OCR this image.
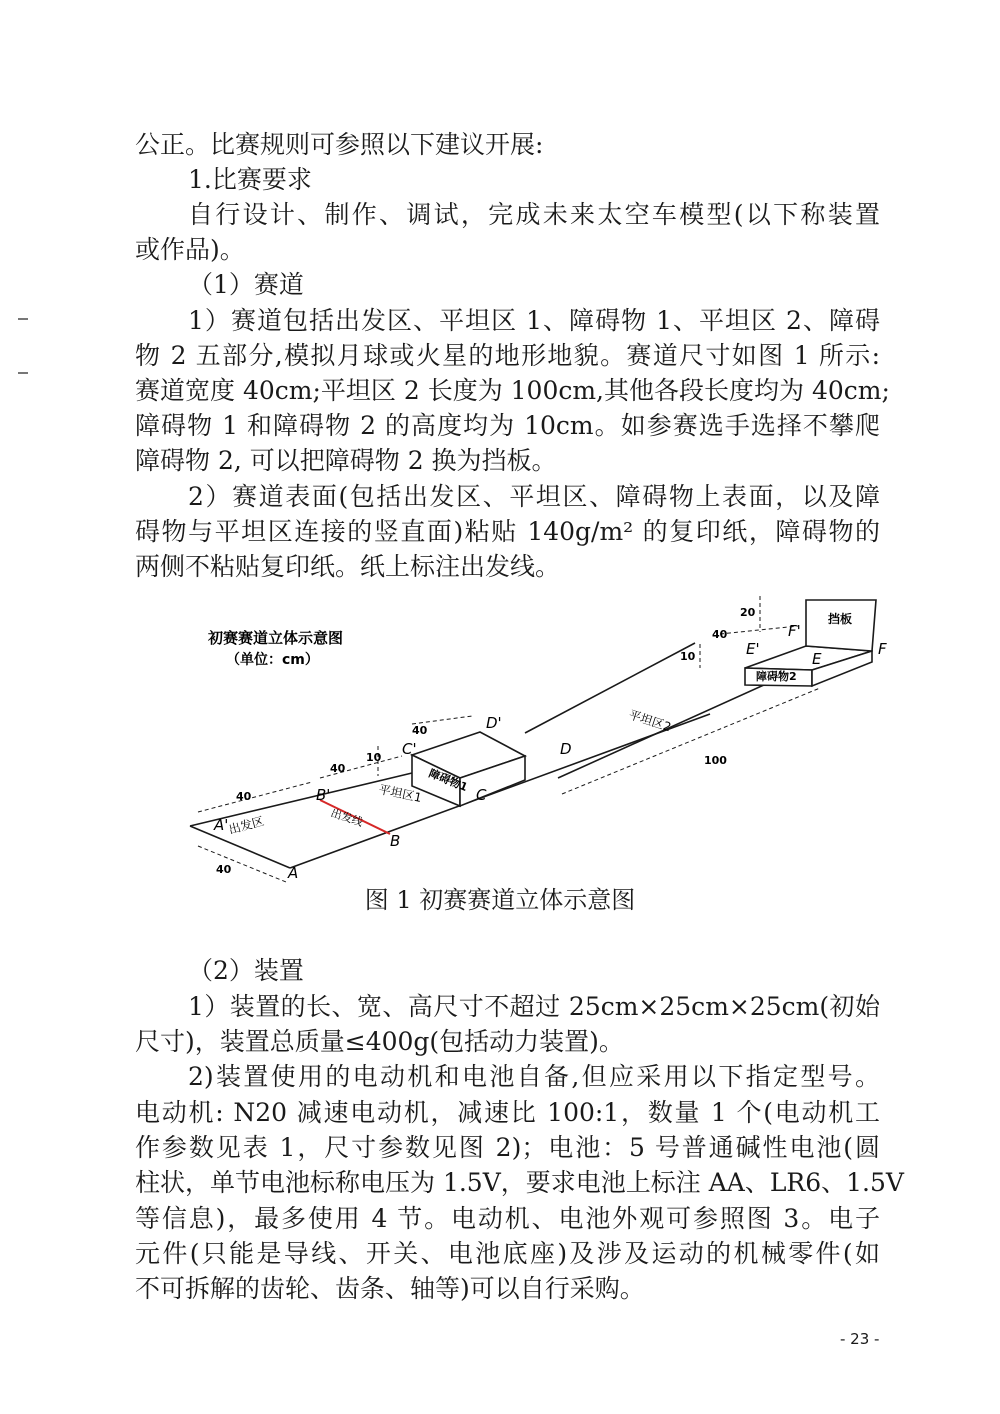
公正。比赛规则可参照以下建议开展:
1.比赛要求
自行设计、制作、调试，完成未来太空车模型(以下称装置
或作品)。
（1）赛道
1）赛道包括出发区、平坦区 1、障碍物 1、平坦区 2、障碍
物 2 五部分,模拟月球或火星的地形地貌。赛道尺寸如图 1 所示:
赛道宽度 40cm;平坦区 2 长度为 100cm,其他各段长度均为 40cm;
障碍物 1 和障碍物 2 的高度均为 10cm。如参赛选手选择不攀爬
障碍物 2, 可以把障碍物 2 换为挡板。
2）赛道表面(包括出发区、平坦区、障碍物上表面，以及障
碍物与平坦区连接的竖直面)粘贴 140g/m² 的复印纸，障碍物的
两侧不粘贴复印纸。纸上标注出发线。
初赛赛道立体示意图
（单位：cm）
出发区	出发线
平坦区1 障碍物1
平坦区2
障碍物2
挡板
A
A'
B
B'	C
C'	D
D'
E
E'	F
F'
40
40
40
40
10	100
10
40
20
图 1 初赛赛道立体示意图
（2）装置
1）装置的长、宽、高尺寸不超过 25cm×25cm×25cm(初始
尺寸)，装置总质量≤400g(包括动力装置)。
2)装置使用的电动机和电池自备,但应采用以下指定型号。
电动机: N20 减速电动机，减速比 100:1，数量 1 个(电动机工
作参数见表 1，尺寸参数见图 2)；电池：5 号普通碱性电池(圆
柱状，单节电池标称电压为 1.5V，要求电池上标注 AA、LR6、1.5V
等信息)，最多使用 4 节。电动机、电池外观可参照图 3。电子
元件(只能是导线、开关、电池底座)及涉及运动的机械零件(如
不可拆解的齿轮、齿条、轴等)可以自行采购。
- 23 -
